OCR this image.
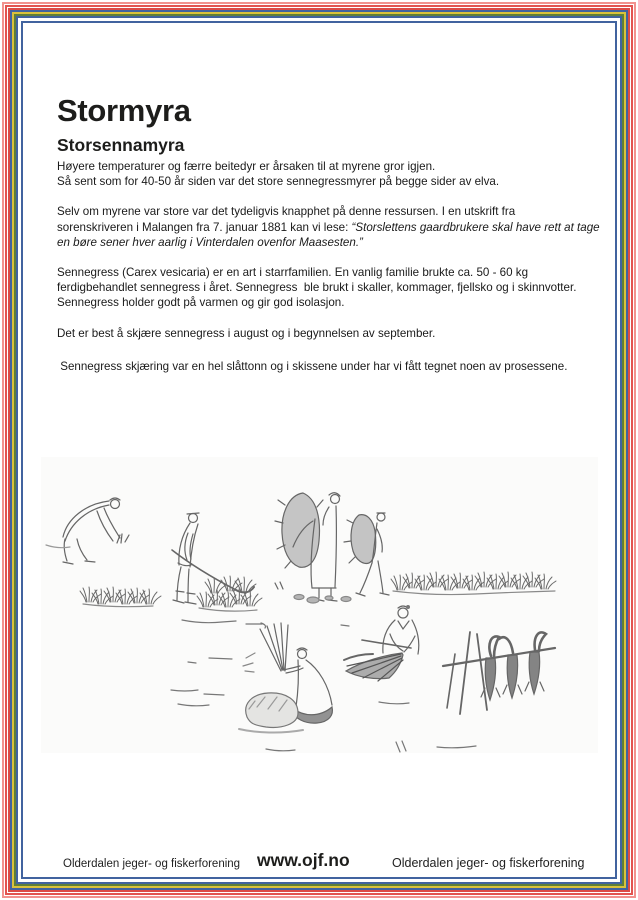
Stormyra
Storsennamyra

Høyere temperaturer og færre beitedyr er årsaken til at myrene gror igjen.
Så sent som for 40-50 år siden var det store sennegressmyrer på begge sider av elva.

Selv om myrene var store var det tydeligvis knapphet på denne ressursen. I en utskrift fra
sorenskriveren i Malangen fra 7. januar 1881 kan vi lese: “Storslettens gaardbrukere skal have rett at tage
en børe sener hver aarlig i Vinterdalen ovenfor Maasesten.”

Sennegress (Carex vesicaria) er en art i starrfamilien. En vanlig familie brukte ca. 50 - 60 kg
ferdigbehandlet sennegress i året. Sennegress  ble brukt i skaller, kommager, fjellsko og i skinnvotter.
Sennegress holder godt på varmen og gir god isolasjon.

Det er best å skjære sennegress i august og i begynnelsen av september.

Sennegress skjæring var en hel slåttonn og i skissene under har vi fått tegnet noen av prosessene.

Olderdalen jeger- og fiskerforening www.ojf.no	Olderdalen jeger- og fiskerforening
